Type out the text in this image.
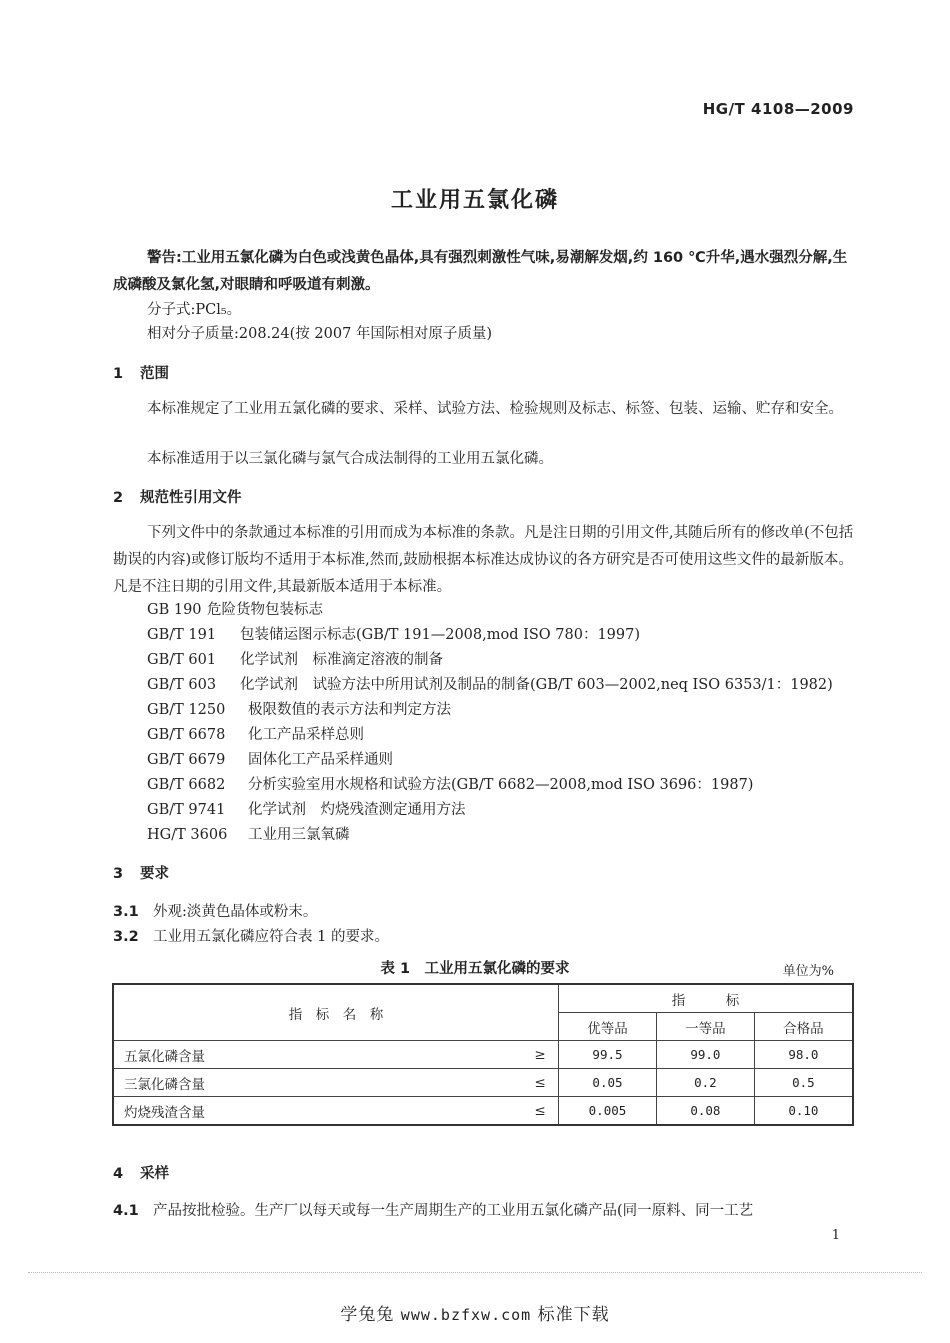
HG/T 4108—2009
工业用五氯化磷
警告:工业用五氯化磷为白色或浅黄色晶体,具有强烈刺激性气味,易潮解发烟,约 160 ℃升华,遇水强烈分解,生成磷酸及氯化氢,对眼睛和呼吸道有刺激。
分子式:PCl₅。
相对分子质量:208.24(按 2007 年国际相对原子质量)
1 范围
本标准规定了工业用五氯化磷的要求、采样、试验方法、检验规则及标志、标签、包装、运输、贮存和安全。
本标准适用于以三氯化磷与氯气合成法制得的工业用五氯化磷。
2 规范性引用文件
下列文件中的条款通过本标准的引用而成为本标准的条款。凡是注日期的引用文件,其随后所有的修改单(不包括勘误的内容)或修订版均不适用于本标准,然而,鼓励根据本标准达成协议的各方研究是否可使用这些文件的最新版本。凡是不注日期的引用文件,其最新版本适用于本标准。
GB 190 危险货物包装标志
GB/T 191 包装储运图示标志(GB/T 191—2008,mod ISO 780：1997)
GB/T 601 化学试剂　标准滴定溶液的制备
GB/T 603 化学试剂　试验方法中所用试剂及制品的制备(GB/T 603—2002,neq ISO 6353/1：1982)
GB/T 1250 极限数值的表示方法和判定方法
GB/T 6678 化工产品采样总则
GB/T 6679 固体化工产品采样通则
GB/T 6682 分析实验室用水规格和试验方法(GB/T 6682—2008,mod ISO 3696：1987)
GB/T 9741 化学试剂　灼烧残渣测定通用方法
HG/T 3606 工业用三氯氧磷
3 要求
3.1 外观:淡黄色晶体或粉末。
3.2 工业用五氯化磷应符合表 1 的要求。
表 1　工业用五氯化磷的要求	单位为%
指　标　名　称		指　　　标		
		优等品	一等品	合格品
五氯化磷含量	≥	99.5	99.0	98.0
三氯化磷含量	≤	0.05	0.2	0.5
灼烧残渣含量	≤	0.005	0.08	0.10
4 采样
4.1 产品按批检验。生产厂以每天或每一生产周期生产的工业用五氯化磷产品(同一原料、同一工艺
1
学兔兔 www.bzfxw.com 标准下载
